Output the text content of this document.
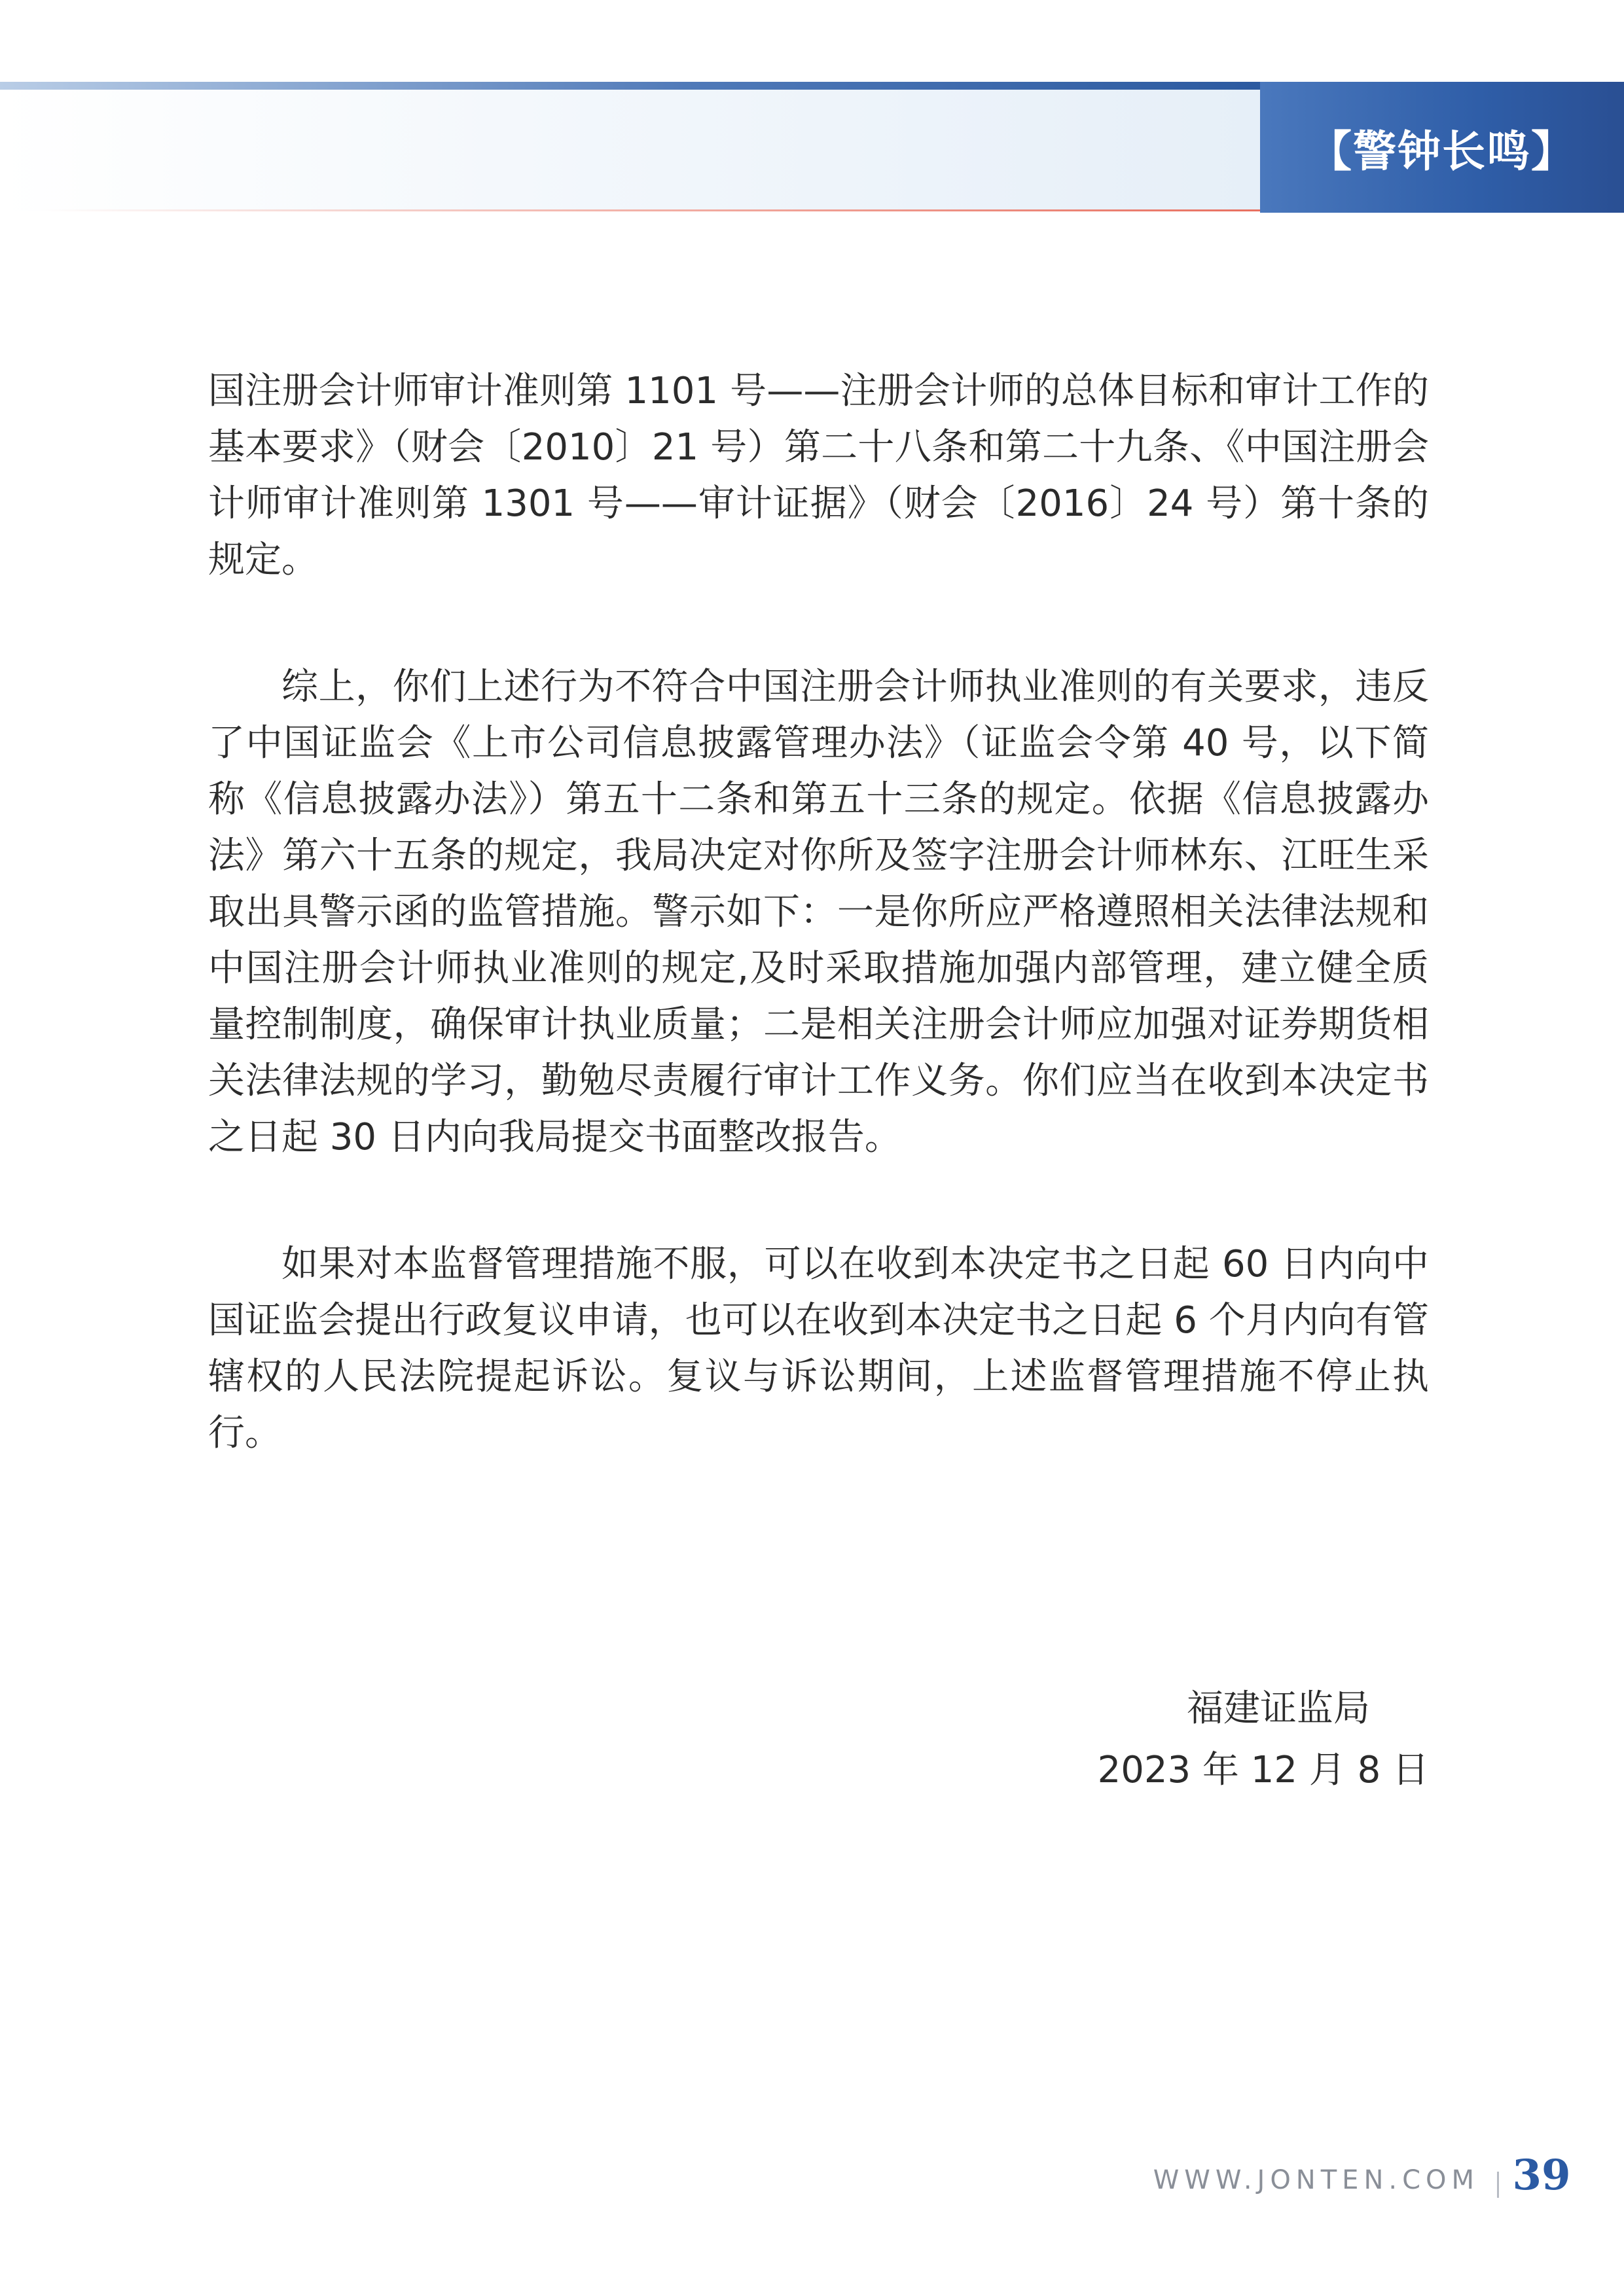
【警钟长鸣】

国注册会计师审计准则第 1101 号——注册会计师的总体目标和审计工作的基本要求》（财会〔2010〕21 号）第二十八条和第二十九条、《中国注册会计师审计准则第 1301 号——审计证据》（财会〔2016〕24 号）第十条的规定。

综上，你们上述行为不符合中国注册会计师执业准则的有关要求，违反了中国证监会《上市公司信息披露管理办法》（证监会令第 40 号，以下简称《信息披露办法》）第五十二条和第五十三条的规定。依据《信息披露办法》第六十五条的规定，我局决定对你所及签字注册会计师林东、江旺生采取出具警示函的监管措施。警示如下：一是你所应严格遵照相关法律法规和中国注册会计师执业准则的规定,及时采取措施加强内部管理，建立健全质量控制制度，确保审计执业质量；二是相关注册会计师应加强对证券期货相关法律法规的学习，勤勉尽责履行审计工作义务。你们应当在收到本决定书之日起 30 日内向我局提交书面整改报告。

如果对本监督管理措施不服，可以在收到本决定书之日起 60 日内向中国证监会提出行政复议申请，也可以在收到本决定书之日起 6 个月内向有管辖权的人民法院提起诉讼。复议与诉讼期间，上述监督管理措施不停止执行。

福建证监局
2023 年 12 月 8 日
WWW.JONTEN.COM 39
